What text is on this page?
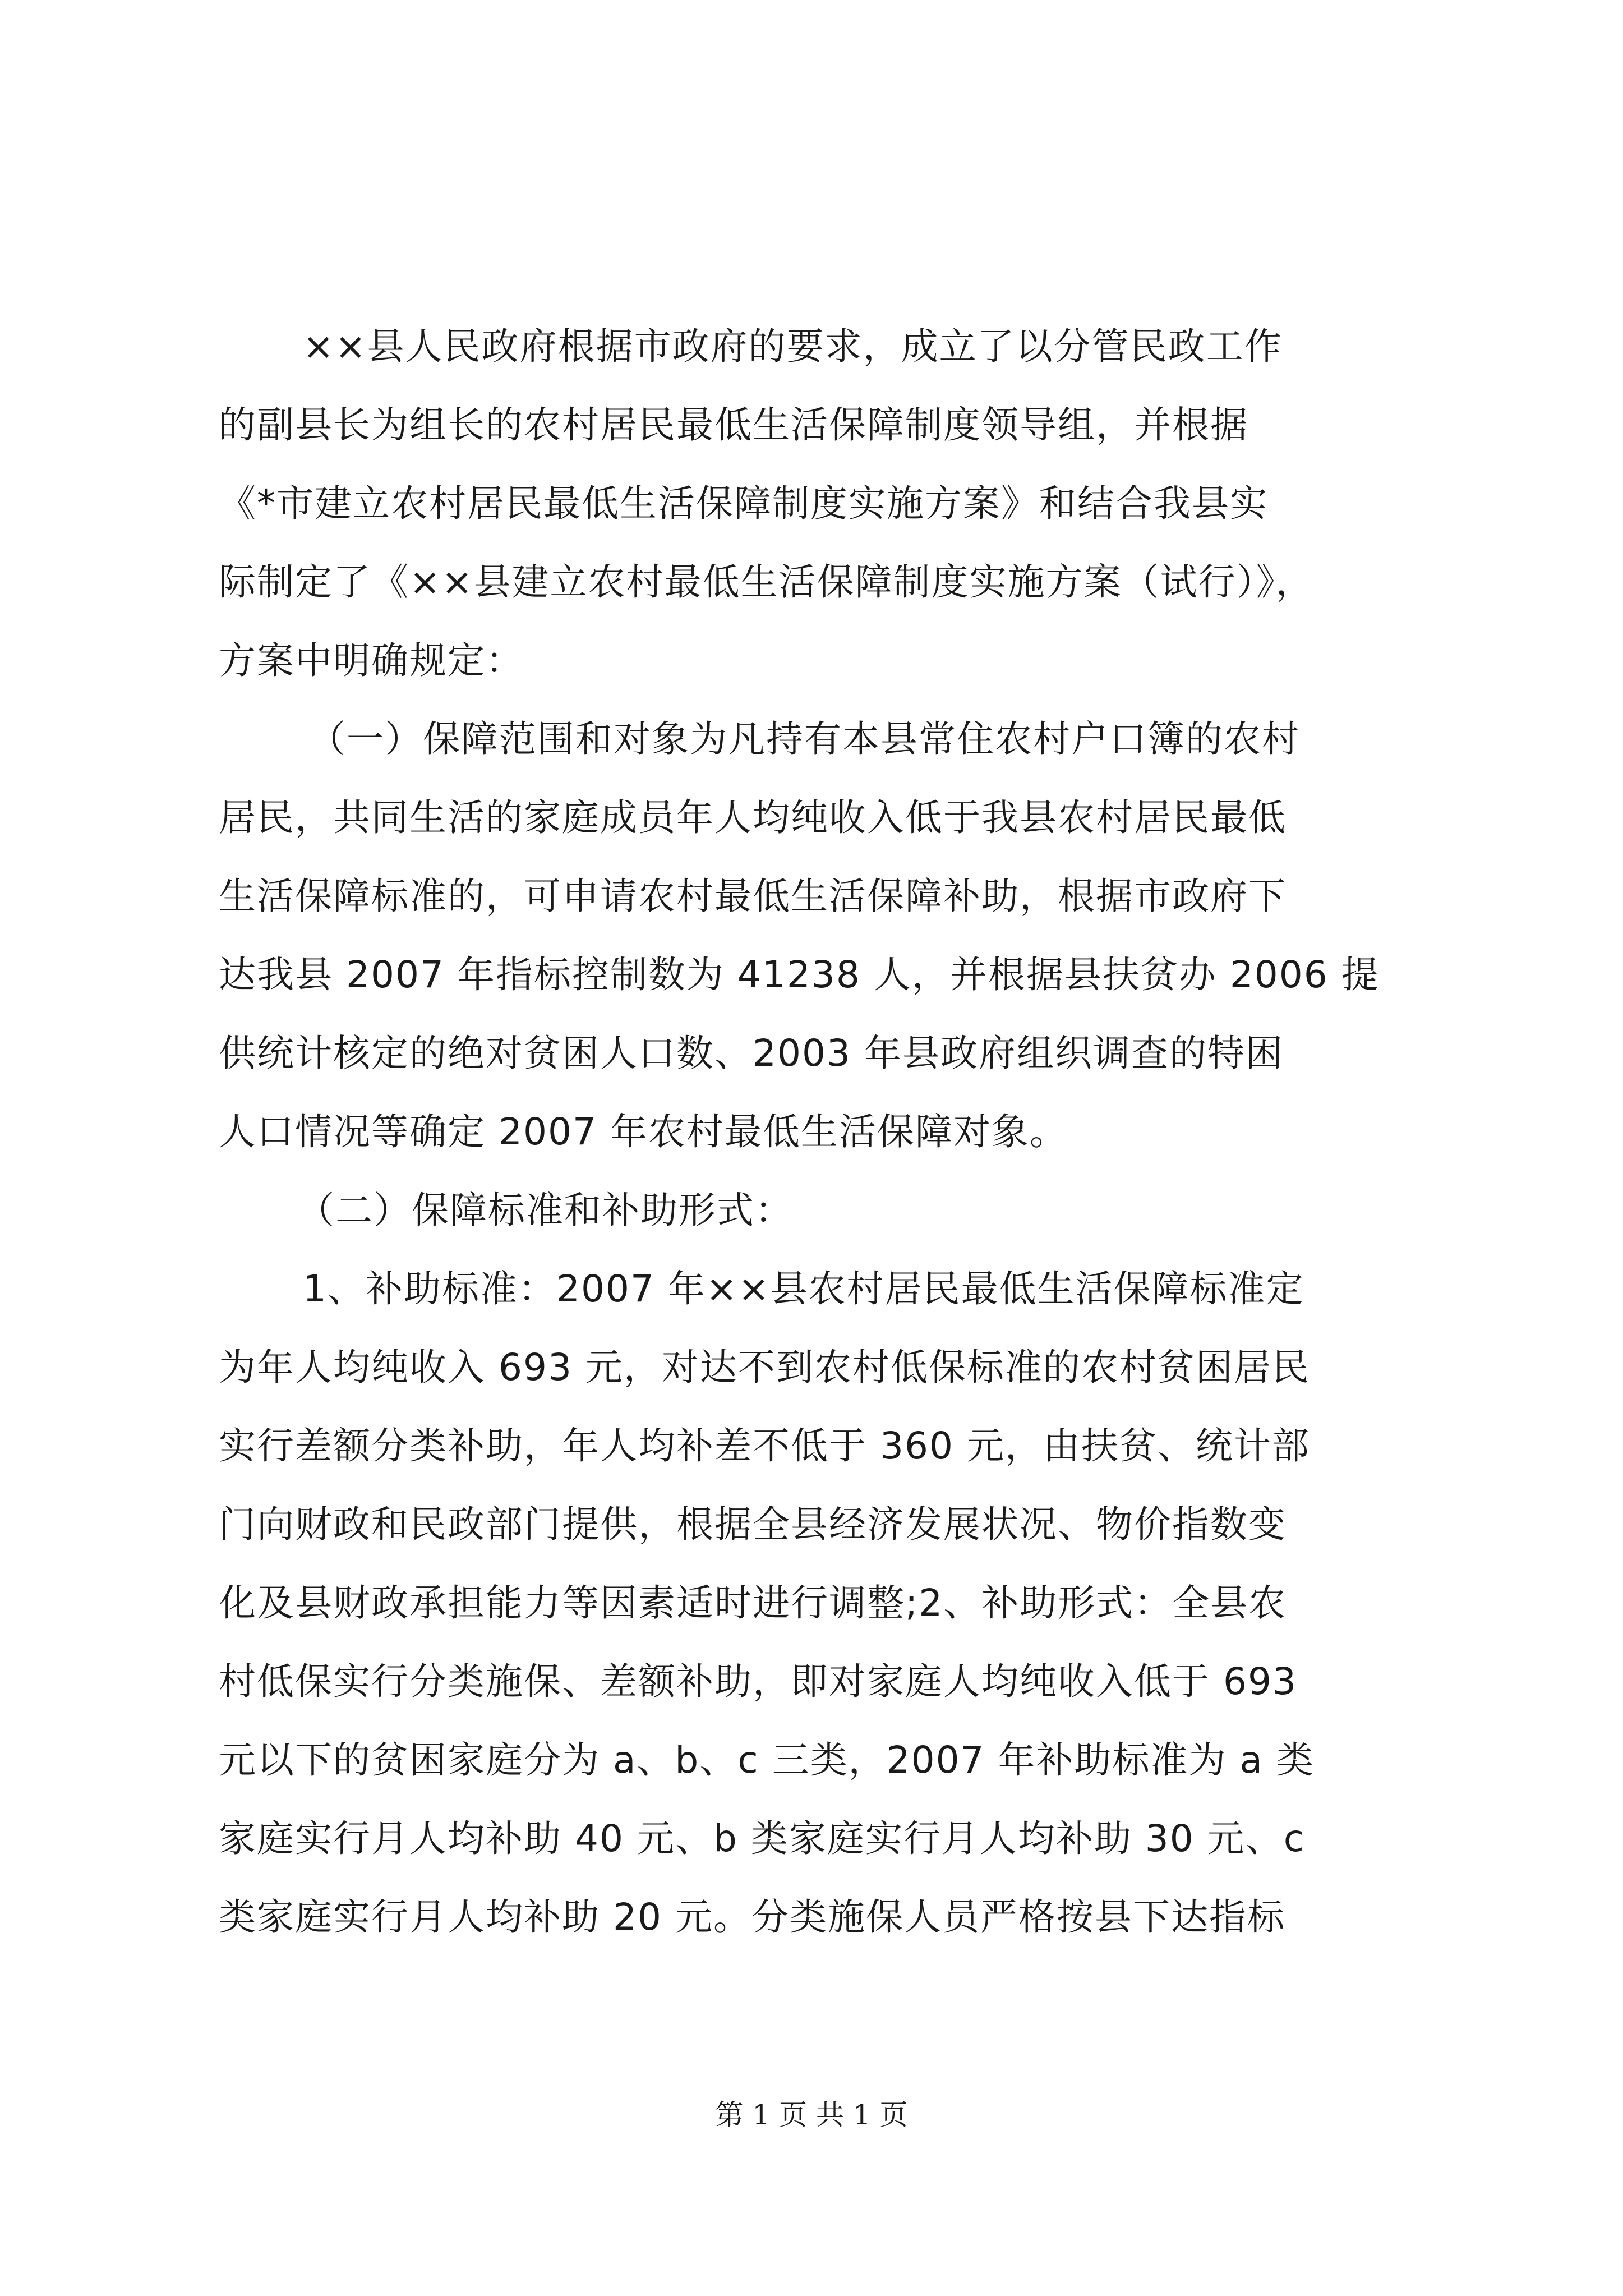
××县人民政府根据市政府的要求，成立了以分管民政工作
的副县长为组长的农村居民最低生活保障制度领导组，并根据
《*市建立农村居民最低生活保障制度实施方案》和结合我县实
际制定了《××县建立农村最低生活保障制度实施方案（试行）》，
方案中明确规定：
（一）保障范围和对象为凡持有本县常住农村户口簿的农村
居民，共同生活的家庭成员年人均纯收入低于我县农村居民最低
生活保障标准的，可申请农村最低生活保障补助，根据市政府下
达我县 2007 年指标控制数为 41238 人，并根据县扶贫办 2006 提
供统计核定的绝对贫困人口数、2003 年县政府组织调查的特困
人口情况等确定 2007 年农村最低生活保障对象。
（二）保障标准和补助形式：
1、补助标准：2007 年××县农村居民最低生活保障标准定
为年人均纯收入 693 元，对达不到农村低保标准的农村贫困居民
实行差额分类补助，年人均补差不低于 360 元，由扶贫、统计部
门向财政和民政部门提供，根据全县经济发展状况、物价指数变
化及县财政承担能力等因素适时进行调整;2、补助形式：全县农
村低保实行分类施保、差额补助，即对家庭人均纯收入低于 693
元以下的贫困家庭分为 a、b、c 三类，2007 年补助标准为 a 类
家庭实行月人均补助 40 元、b 类家庭实行月人均补助 30 元、c
类家庭实行月人均补助 20 元。分类施保人员严格按县下达指标
第 1 页 共 1 页
